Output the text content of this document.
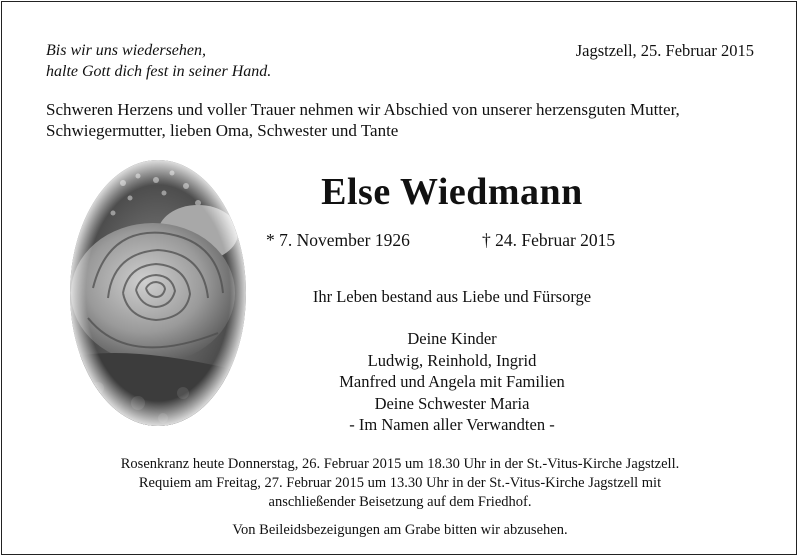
Bis wir uns wiedersehen,
halte Gott dich fest in seiner Hand.
Jagstzell, 25. Februar 2015
Schweren Herzens und voller Trauer nehmen wir Abschied von unserer herzensguten Mutter,
Schwiegermutter, lieben Oma, Schwester und Tante
Else Wiedmann
* 7. November 1926	† 24. Februar 2015
Ihr Leben bestand aus Liebe und Fürsorge
Deine Kinder
Ludwig, Reinhold, Ingrid
Manfred und Angela mit Familien
Deine Schwester Maria
- Im Namen aller Verwandten -
Rosenkranz heute Donnerstag, 26. Februar 2015 um 18.30 Uhr in der St.-Vitus-Kirche Jagstzell.
Requiem am Freitag, 27. Februar 2015 um 13.30 Uhr in der St.-Vitus-Kirche Jagstzell mit
anschließender Beisetzung auf dem Friedhof.
Von Beileidsbezeigungen am Grabe bitten wir abzusehen.
